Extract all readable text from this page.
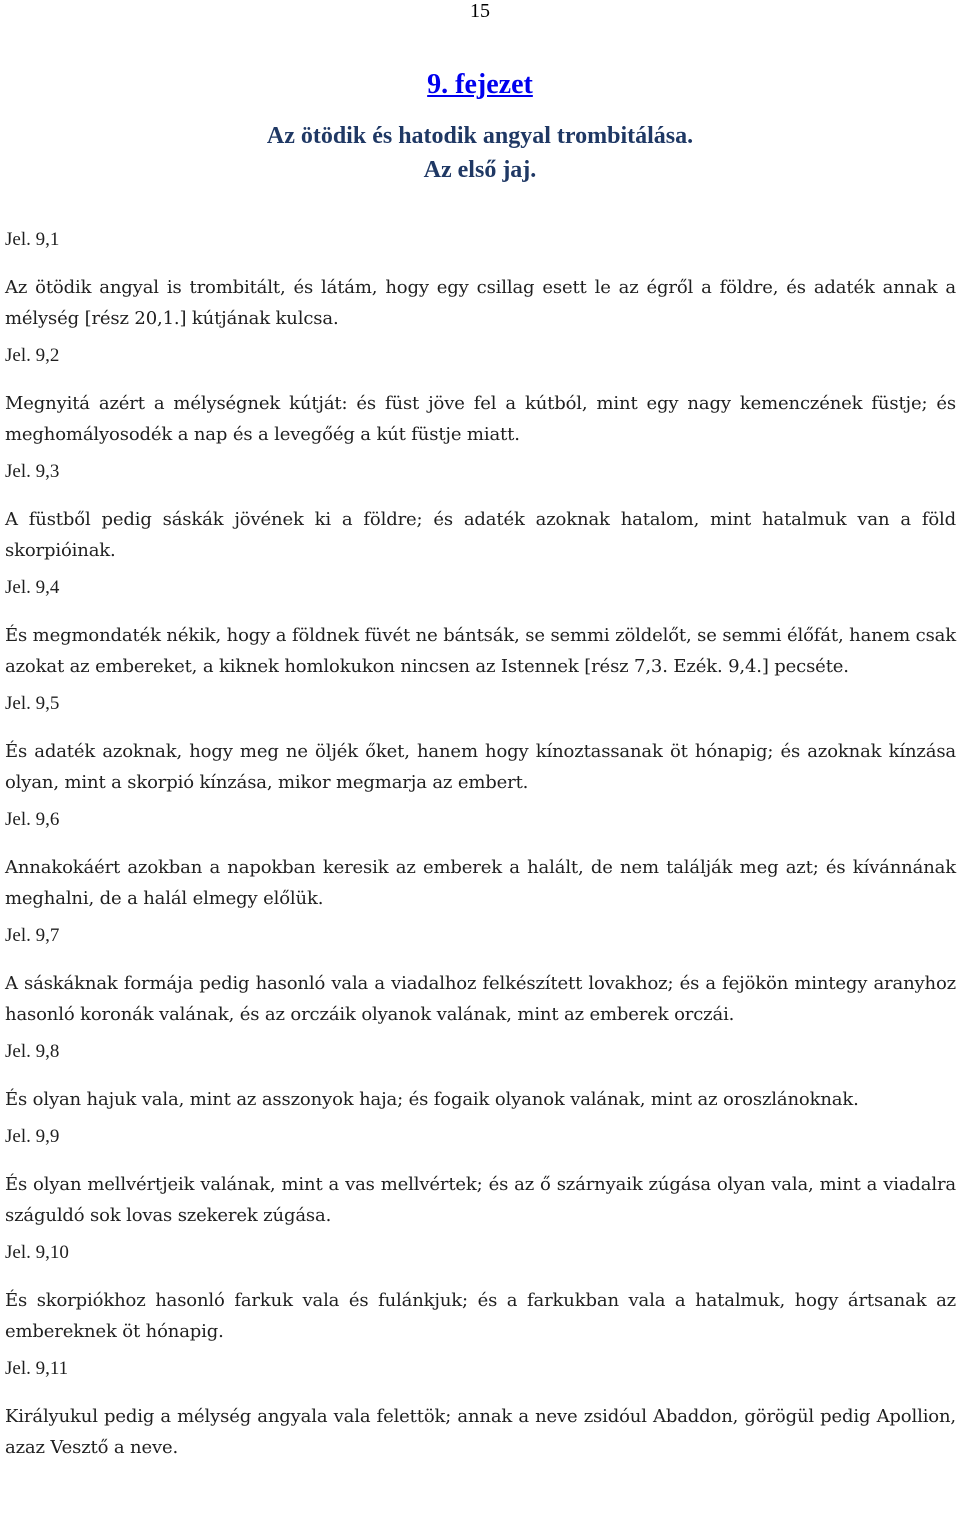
15
9. fejezet
Az ötödik és hatodik angyal trombitálása.
Az első jaj.
Jel. 9,1
Az ötödik angyal is trombitált, és látám, hogy egy csillag esett le az égről a földre, és adaték annak a mélység [rész 20,1.] kútjának kulcsa.
Jel. 9,2
Megnyitá azért a mélységnek kútját: és füst jöve fel a kútból, mint egy nagy kemenczének füstje; és meghomályosodék a nap és a levegőég a kút füstje miatt.
Jel. 9,3
A füstből pedig sáskák jövének ki a földre; és adaték azoknak hatalom, mint hatalmuk van a föld skorpióinak.
Jel. 9,4
És megmondaték nékik, hogy a földnek füvét ne bántsák, se semmi zöldelőt, se semmi élőfát, hanem csak azokat az embereket, a kiknek homlokukon nincsen az Istennek [rész 7,3. Ezék. 9,4.] pecséte.
Jel. 9,5
És adaték azoknak, hogy meg ne öljék őket, hanem hogy kínoztassanak öt hónapig; és azoknak kínzása olyan, mint a skorpió kínzása, mikor megmarja az embert.
Jel. 9,6
Annakokáért azokban a napokban keresik az emberek a halált, de nem találják meg azt; és kívánnának meghalni, de a halál elmegy előlük.
Jel. 9,7
A sáskáknak formája pedig hasonló vala a viadalhoz felkészített lovakhoz; és a fejökön mintegy aranyhoz hasonló koronák valának, és az orczáik olyanok valának, mint az emberek orczái.
Jel. 9,8
És olyan hajuk vala, mint az asszonyok haja; és fogaik olyanok valának, mint az oroszlánoknak.
Jel. 9,9
És olyan mellvértjeik valának, mint a vas mellvértek; és az ő szárnyaik zúgása olyan vala, mint a viadalra száguldó sok lovas szekerek zúgása.
Jel. 9,10
És skorpiókhoz hasonló farkuk vala és fulánkjuk; és a farkukban vala a hatalmuk, hogy ártsanak az embereknek öt hónapig.
Jel. 9,11
Királyukul pedig a mélység angyala vala felettök; annak a neve zsidóul Abaddon, görögül pedig Apollion, azaz Vesztő a neve.
